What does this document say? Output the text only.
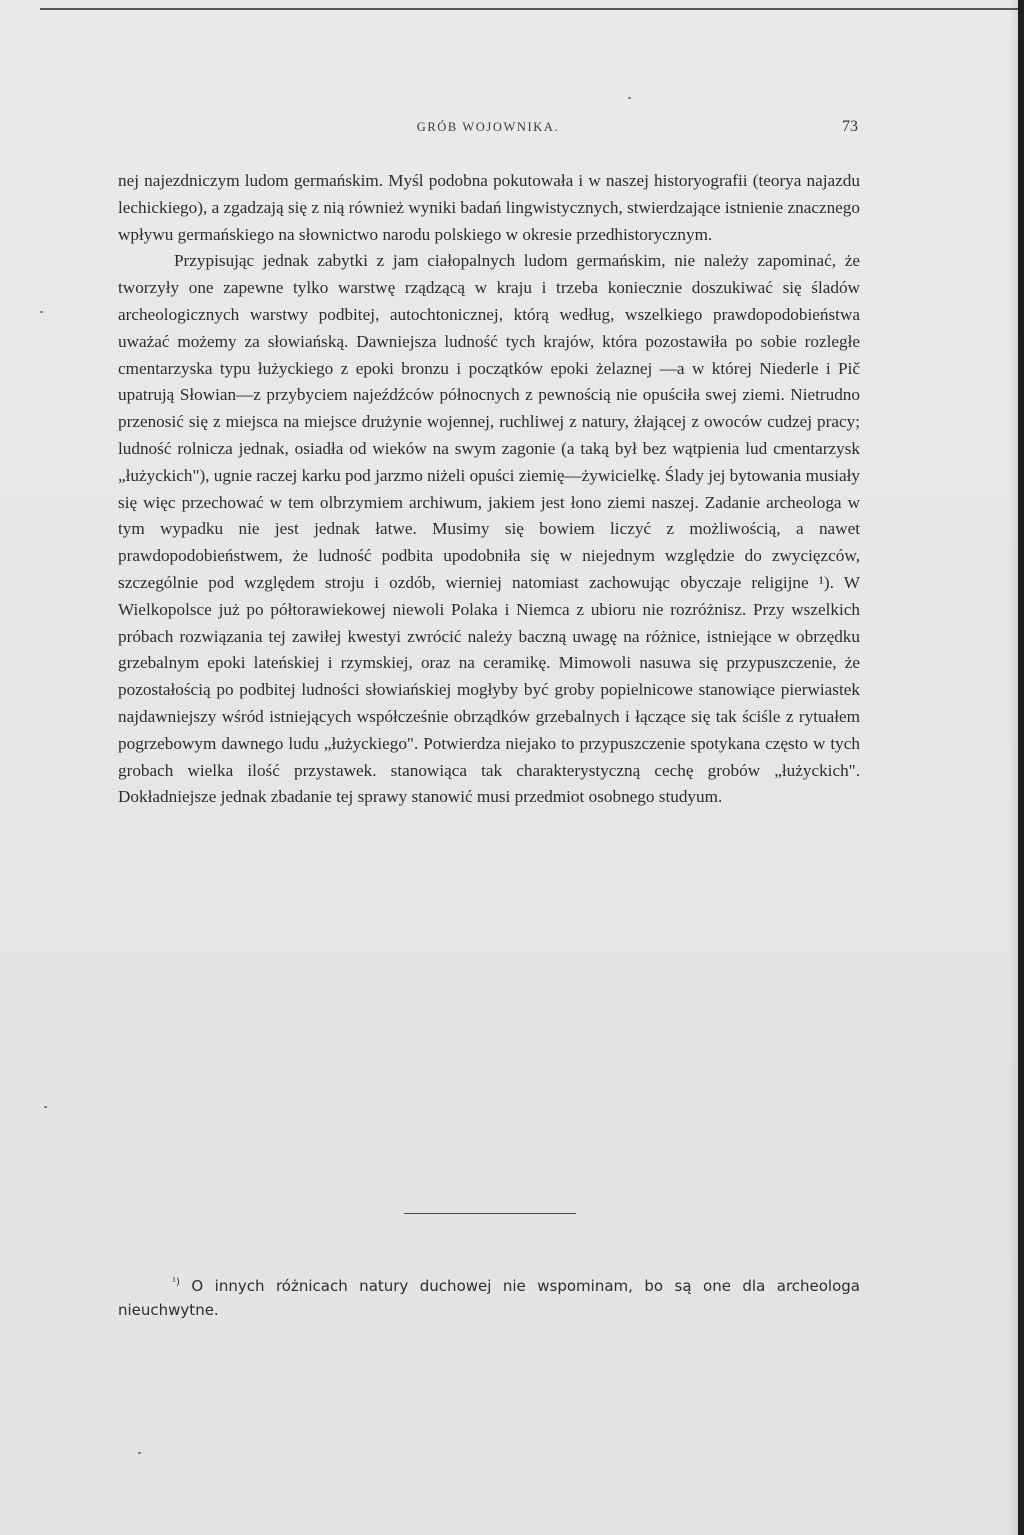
GRÓB WOJOWNIKA.	73

nej najezdniczym ludom germańskim. Myśl podobna pokutowała i w naszej historyografii (teorya najazdu lechickiego), a zgadzają się z nią również wyniki badań lingwistycznych, stwierdzające istnienie znacznego wpływu germańskiego na słownictwo narodu polskiego w okresie przedhistorycznym.

Przypisując jednak zabytki z jam ciałopalnych ludom germańskim, nie należy zapominać, że tworzyły one zapewne tylko warstwę rządzącą w kraju i trzeba koniecznie doszukiwać się śladów archeologicznych warstwy podbitej, autochtonicznej, którą według, wszelkiego prawdopodobieństwa uważać możemy za słowiańską. Dawniejsza ludność tych krajów, która pozostawiła po sobie rozległe cmentarzyska typu łużyckiego z epoki bronzu i początków epoki żelaznej —a w której Niederle i Pič upatrują Słowian—z przybyciem najeźdźców północnych z pewnością nie opuściła swej ziemi. Nietrudno przenosić się z miejsca na miejsce drużynie wojennej, ruchliwej z natury, żłającej z owoców cudzej pracy; ludność rolnicza jednak, osiadła od wieków na swym zagonie (a taką był bez wątpienia lud cmentarzysk „łużyckich"), ugnie raczej karku pod jarzmo niżeli opuści ziemię—żywicielkę. Ślady jej bytowania musiały się więc przechować w tem olbrzymiem archiwum, jakiem jest łono ziemi naszej. Zadanie archeologa w tym wypadku nie jest jednak łatwe. Musimy się bowiem liczyć z możliwością, a nawet prawdopodobieństwem, że ludność podbita upodobniła się w niejednym względzie do zwycięzców, szczególnie pod względem stroju i ozdób, wierniej natomiast zachowując obyczaje religijne ¹). W Wielkopolsce już po półtorawiekowej niewoli Polaka i Niemca z ubioru nie rozróżnisz. Przy wszelkich próbach rozwiązania tej zawiłej kwestyi zwrócić należy baczną uwagę na różnice, istniejące w obrzędku grzebalnym epoki lateńskiej i rzymskiej, oraz na ceramikę. Mimowoli nasuwa się przypuszczenie, że pozostałością po podbitej ludności słowiańskiej mogłyby być groby popielnicowe stanowiące pierwiastek najdawniejszy wśród istniejących współcześnie obrządków grzebalnych i łączące się tak ściśle z rytuałem pogrzebowym dawnego ludu „łużyckiego". Potwierdza niejako to przypuszczenie spotykana często w tych grobach wielka ilość przystawek. stanowiąca tak charakterystyczną cechę grobów „łużyckich". Dokładniejsze jednak zbadanie tej sprawy stanowić musi przedmiot osobnego studyum.

$^{^1)}$ O innych różnicach natury duchowej nie wspominam, bo są one dla archeologa nieuchwytne.
